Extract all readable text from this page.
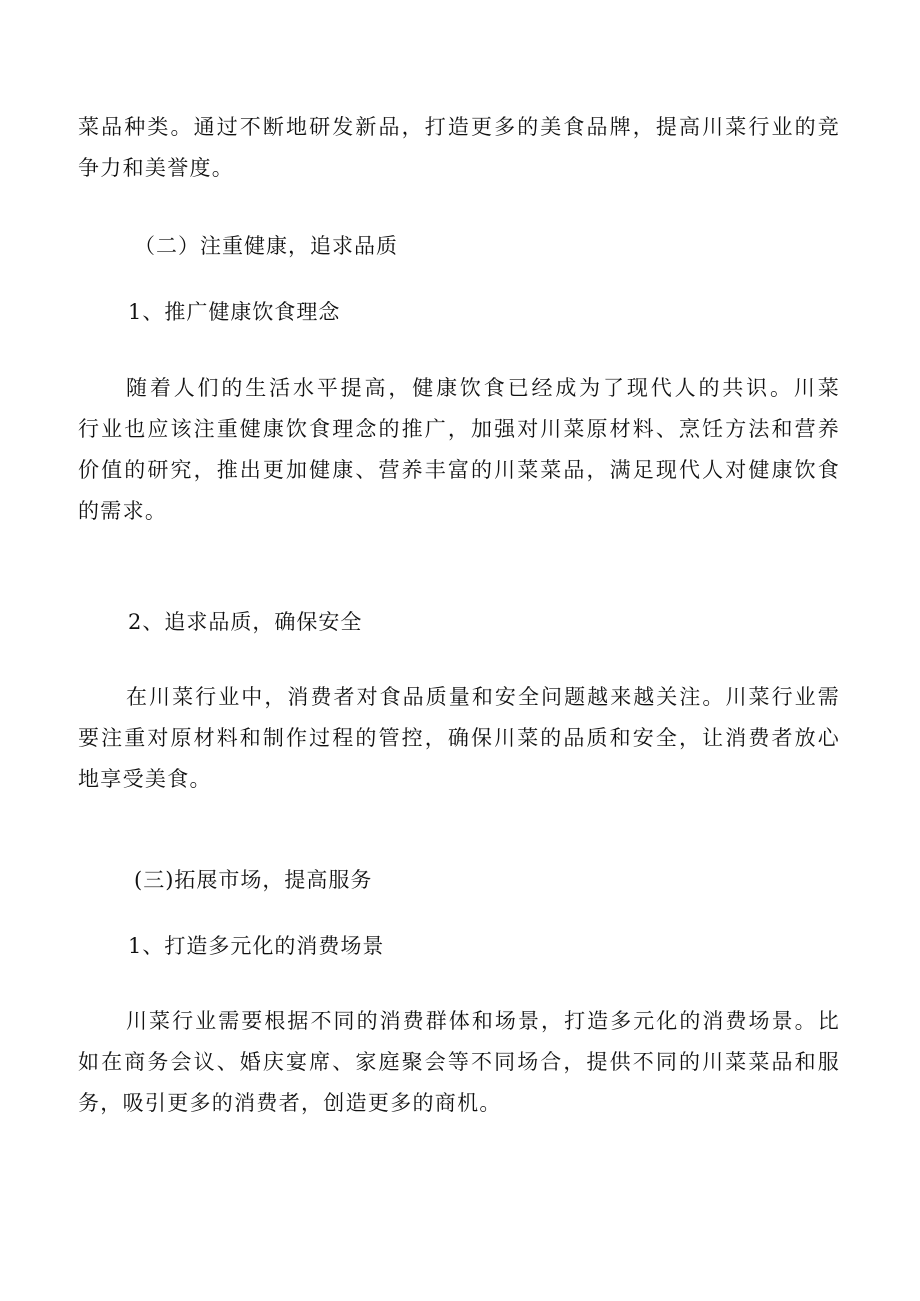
菜品种类。通过不断地研发新品，打造更多的美食品牌，提高川菜行业的竞
争力和美誉度。

（二）注重健康，追求品质

1、推广健康饮食理念

随着人们的生活水平提高，健康饮食已经成为了现代人的共识。川菜
行业也应该注重健康饮食理念的推广，加强对川菜原材料、烹饪方法和营养
价值的研究，推出更加健康、营养丰富的川菜菜品，满足现代人对健康饮食
的需求。

2、追求品质，确保安全

在川菜行业中，消费者对食品质量和安全问题越来越关注。川菜行业需
要注重对原材料和制作过程的管控，确保川菜的品质和安全，让消费者放心
地享受美食。

(三)拓展市场，提高服务

1、打造多元化的消费场景

川菜行业需要根据不同的消费群体和场景，打造多元化的消费场景。比
如在商务会议、婚庆宴席、家庭聚会等不同场合，提供不同的川菜菜品和服
务，吸引更多的消费者，创造更多的商机。
